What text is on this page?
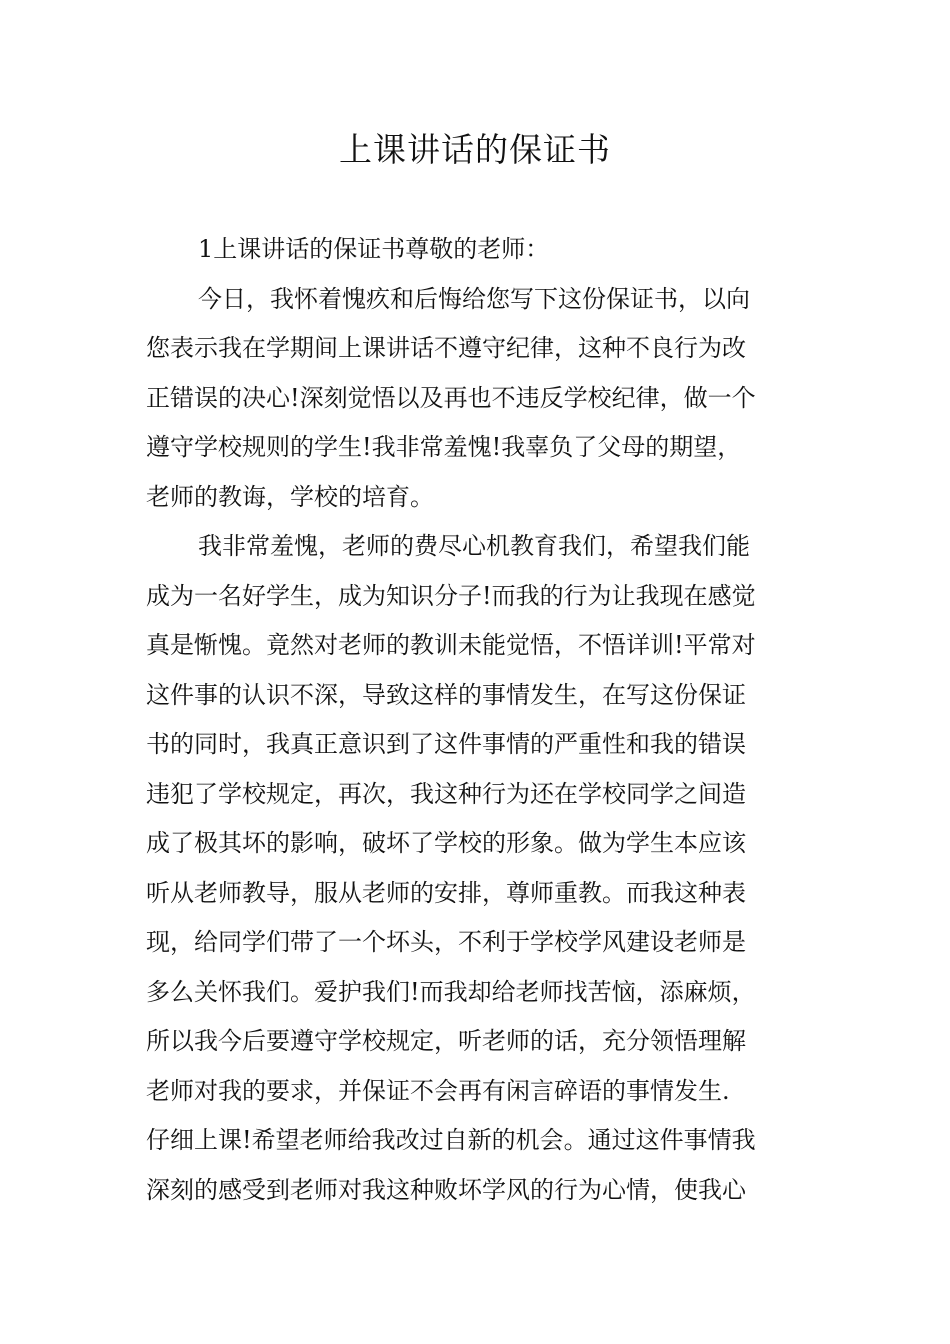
上课讲话的保证书
1上课讲话的保证书尊敬的老师：
今日，我怀着愧疚和后悔给您写下这份保证书，以向
您表示我在学期间上课讲话不遵守纪律，这种不良行为改
正错误的决心!深刻觉悟以及再也不违反学校纪律，做一个
遵守学校规则的学生!我非常羞愧!我辜负了父母的期望，
老师的教诲，学校的培育。
我非常羞愧，老师的费尽心机教育我们，希望我们能
成为一名好学生，成为知识分子!而我的行为让我现在感觉
真是惭愧。竟然对老师的教训未能觉悟，不悟详训!平常对
这件事的认识不深，导致这样的事情发生，在写这份保证
书的同时，我真正意识到了这件事情的严重性和我的错误
违犯了学校规定，再次，我这种行为还在学校同学之间造
成了极其坏的影响，破坏了学校的形象。做为学生本应该
听从老师教导，服从老师的安排，尊师重教。而我这种表
现，给同学们带了一个坏头，不利于学校学风建设老师是
多么关怀我们。爱护我们!而我却给老师找苦恼，添麻烦，
所以我今后要遵守学校规定，听老师的话，充分领悟理解
老师对我的要求，并保证不会再有闲言碎语的事情发生.
仔细上课!希望老师给我改过自新的机会。通过这件事情我
深刻的感受到老师对我这种败坏学风的行为心情，使我心
